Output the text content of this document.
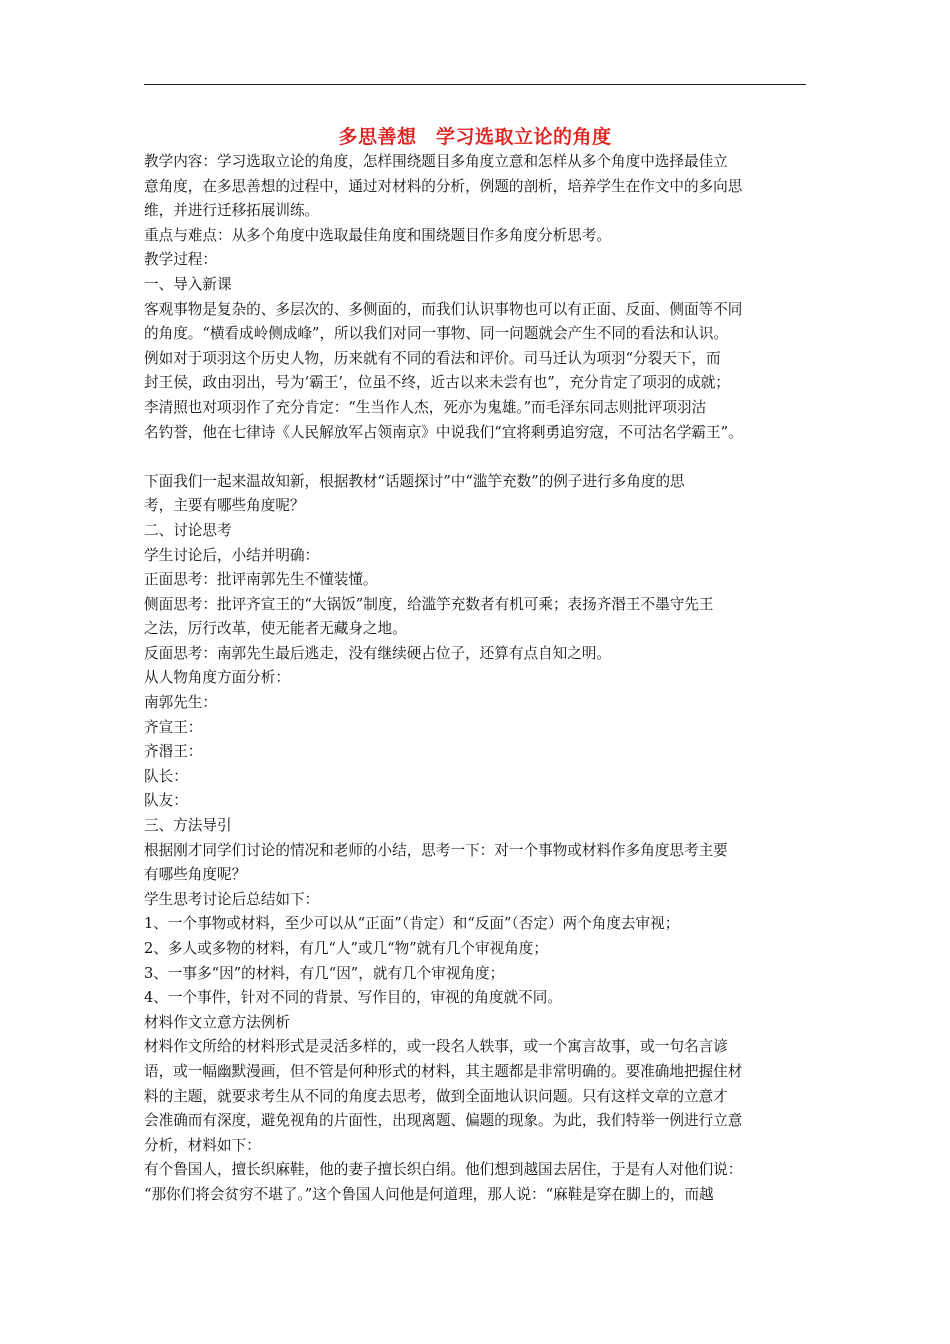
多思善想　学习选取立论的角度
教学内容：学习选取立论的角度，怎样围绕题目多角度立意和怎样从多个角度中选择最佳立
意角度，在多思善想的过程中，通过对材料的分析，例题的剖析，培养学生在作文中的多向思
维，并进行迁移拓展训练。
重点与难点：从多个角度中选取最佳角度和围绕题目作多角度分析思考。
教学过程：
一、导入新课
客观事物是复杂的、多层次的、多侧面的，而我们认识事物也可以有正面、反面、侧面等不同
的角度。“横看成岭侧成峰”，所以我们对同一事物、同一问题就会产生不同的看法和认识。
例如对于项羽这个历史人物，历来就有不同的看法和评价。司马迁认为项羽“分裂天下，而
封王侯，政由羽出，号为‘霸王’，位虽不终，近古以来未尝有也”，充分肯定了项羽的成就；
李清照也对项羽作了充分肯定：“生当作人杰，死亦为鬼雄。”而毛泽东同志则批评项羽沽
名钓誉，他在七律诗《人民解放军占领南京》中说我们“宜将剩勇追穷寇，不可沽名学霸王”。
下面我们一起来温故知新，根据教材“话题探讨”中“滥竽充数”的例子进行多角度的思
考，主要有哪些角度呢？
二、讨论思考
学生讨论后，小结并明确：
正面思考：批评南郭先生不懂装懂。
侧面思考：批评齐宣王的“大锅饭”制度，给滥竽充数者有机可乘；表扬齐湣王不墨守先王
之法，厉行改革，使无能者无藏身之地。
反面思考：南郭先生最后逃走，没有继续硬占位子，还算有点自知之明。
从人物角度方面分析：
南郭先生：
齐宣王：
齐湣王：
队长：
队友：
三、方法导引
根据刚才同学们讨论的情况和老师的小结，思考一下：对一个事物或材料作多角度思考主要
有哪些角度呢？
学生思考讨论后总结如下：
1、一个事物或材料，至少可以从“正面”（肯定）和“反面”（否定）两个角度去审视；
2、多人或多物的材料，有几“人”或几“物”就有几个审视角度；
3、一事多“因”的材料，有几“因”，就有几个审视角度；
4、一个事件，针对不同的背景、写作目的，审视的角度就不同。
材料作文立意方法例析
材料作文所给的材料形式是灵活多样的，或一段名人轶事，或一个寓言故事，或一句名言谚
语，或一幅幽默漫画，但不管是何种形式的材料，其主题都是非常明确的。要准确地把握住材
料的主题，就要求考生从不同的角度去思考，做到全面地认识问题。只有这样文章的立意才
会准确而有深度，避免视角的片面性，出现离题、偏题的现象。为此，我们特举一例进行立意
分析，材料如下：
有个鲁国人，擅长织麻鞋，他的妻子擅长织白绢。他们想到越国去居住，于是有人对他们说：
“那你们将会贫穷不堪了。”这个鲁国人问他是何道理，那人说：“麻鞋是穿在脚上的，而越
